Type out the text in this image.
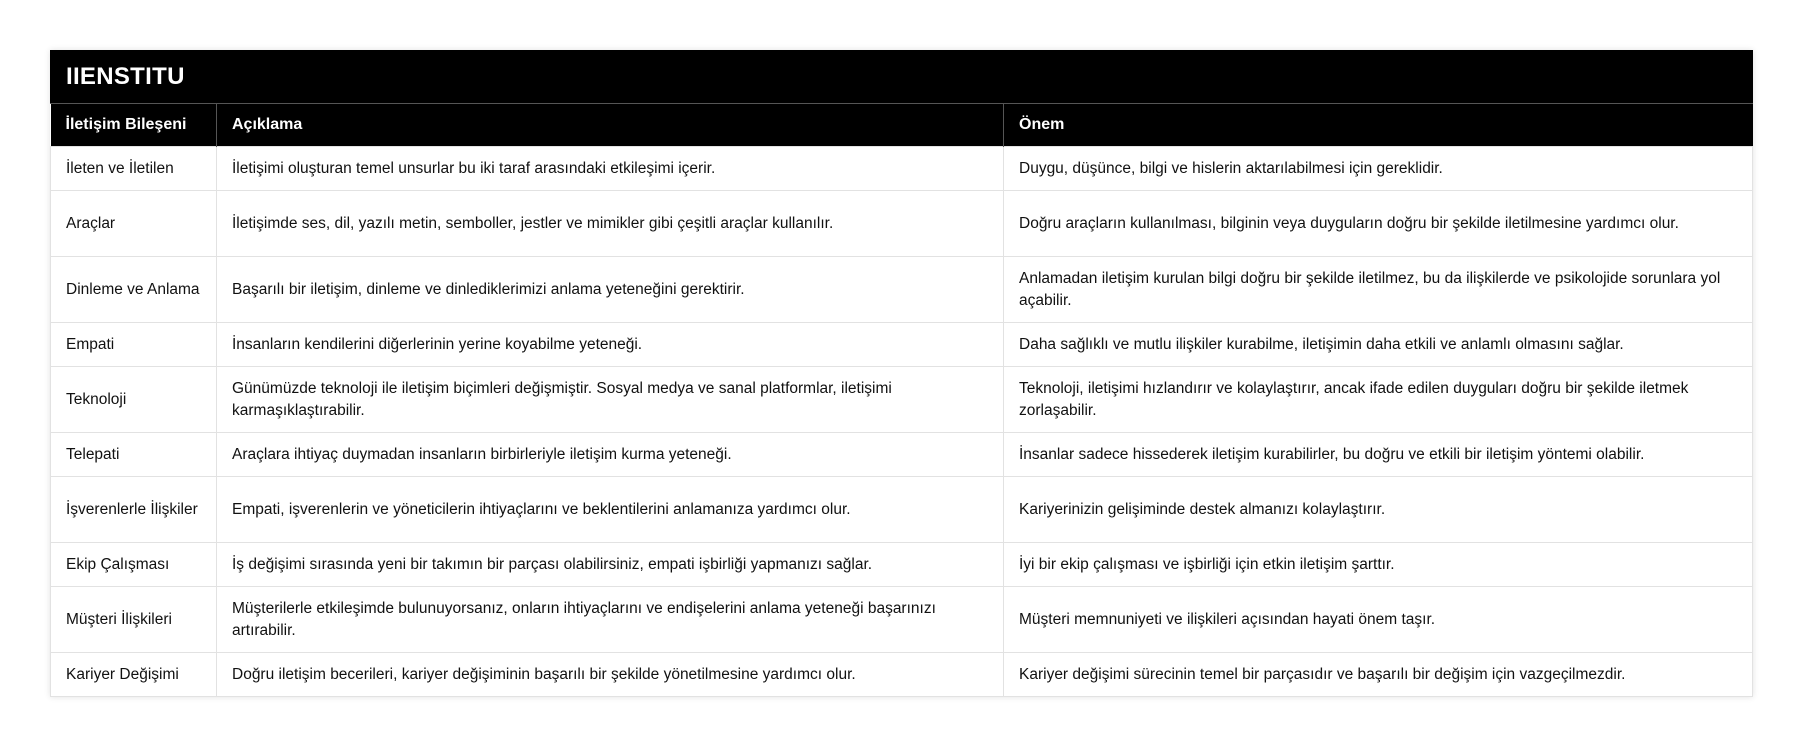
IIENSTITU
İletişim Bileşeni	Açıklama	Önem
İleten ve İletilen	İletişimi oluşturan temel unsurlar bu iki taraf arasındaki etkileşimi içerir.	Duygu, düşünce, bilgi ve hislerin aktarılabilmesi için gereklidir.
Araçlar	İletişimde ses, dil, yazılı metin, semboller, jestler ve mimikler gibi çeşitli araçlar kullanılır.	Doğru araçların kullanılması, bilginin veya duyguların doğru bir şekilde iletilmesine yardımcı olur.
Dinleme ve Anlama	Başarılı bir iletişim, dinleme ve dinlediklerimizi anlama yeteneğini gerektirir.	Anlamadan iletişim kurulan bilgi doğru bir şekilde iletilmez, bu da ilişkilerde ve psikolojide sorunlara yol açabilir.
Empati	İnsanların kendilerini diğerlerinin yerine koyabilme yeteneği.	Daha sağlıklı ve mutlu ilişkiler kurabilme, iletişimin daha etkili ve anlamlı olmasını sağlar.
Teknoloji	Günümüzde teknoloji ile iletişim biçimleri değişmiştir. Sosyal medya ve sanal platformlar, iletişimi karmaşıklaştırabilir.	Teknoloji, iletişimi hızlandırır ve kolaylaştırır, ancak ifade edilen duyguları doğru bir şekilde iletmek zorlaşabilir.
Telepati	Araçlara ihtiyaç duymadan insanların birbirleriyle iletişim kurma yeteneği.	İnsanlar sadece hissederek iletişim kurabilirler, bu doğru ve etkili bir iletişim yöntemi olabilir.
İşverenlerle İlişkiler	Empati, işverenlerin ve yöneticilerin ihtiyaçlarını ve beklentilerini anlamanıza yardımcı olur.	Kariyerinizin gelişiminde destek almanızı kolaylaştırır.
Ekip Çalışması	İş değişimi sırasında yeni bir takımın bir parçası olabilirsiniz, empati işbirliği yapmanızı sağlar.	İyi bir ekip çalışması ve işbirliği için etkin iletişim şarttır.
Müşteri İlişkileri	Müşterilerle etkileşimde bulunuyorsanız, onların ihtiyaçlarını ve endişelerini anlama yeteneği başarınızı artırabilir.	Müşteri memnuniyeti ve ilişkileri açısından hayati önem taşır.
Kariyer Değişimi	Doğru iletişim becerileri, kariyer değişiminin başarılı bir şekilde yönetilmesine yardımcı olur.	Kariyer değişimi sürecinin temel bir parçasıdır ve başarılı bir değişim için vazgeçilmezdir.
